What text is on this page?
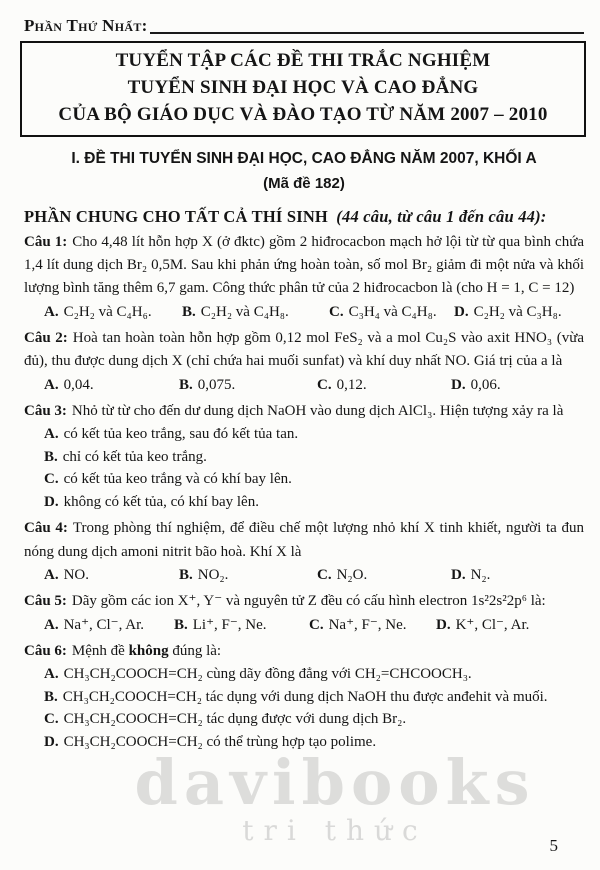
Phần Thứ Nhất:
TUYỂN TẬP CÁC ĐỀ THI TRẮC NGHIỆM
TUYỂN SINH ĐẠI HỌC VÀ CAO ĐẲNG
CỦA BỘ GIÁO DỤC VÀ ĐÀO TẠO TỪ NĂM 2007 – 2010
I. ĐỀ THI TUYỂN SINH ĐẠI HỌC, CAO ĐẲNG NĂM 2007, KHỐI A
(Mã đề 182)
PHẦN CHUNG CHO TẤT CẢ THÍ SINH (44 câu, từ câu 1 đến câu 44):

Câu 1: Cho 4,48 lít hỗn hợp X (ở đktc) gồm 2 hiđrocacbon mạch hở lội từ từ qua bình chứa 1,4 lít dung dịch Br₂ 0,5M. Sau khi phản ứng hoàn toàn, số mol Br₂ giảm đi một nửa và khối lượng bình tăng thêm 6,7 gam. Công thức phân tử của 2 hiđrocacbon là (cho H = 1, C = 12)

A. C₂H₂ và C₄H₆.	B. C₂H₂ và C₄H₈.	C. C₃H₄ và C₄H₈.	D. C₂H₂ và C₃H₈.

Câu 2: Hoà tan hoàn toàn hỗn hợp gồm 0,12 mol FeS₂ và a mol Cu₂S vào axit HNO₃ (vừa đủ), thu được dung dịch X (chỉ chứa hai muối sunfat) và khí duy nhất NO. Giá trị của a là

A. 0,04.	B. 0,075.	C. 0,12.	D. 0,06.

Câu 3: Nhỏ từ từ cho đến dư dung dịch NaOH vào dung dịch AlCl₃. Hiện tượng xảy ra là

A. có kết tủa keo trắng, sau đó kết tủa tan.
B. chỉ có kết tủa keo trắng.
C. có kết tủa keo trắng và có khí bay lên.
D. không có kết tủa, có khí bay lên.

Câu 4: Trong phòng thí nghiệm, để điều chế một lượng nhỏ khí X tinh khiết, người ta đun nóng dung dịch amoni nitrit bão hoà. Khí X là

A. NO.	B. NO₂.	C. N₂O.	D. N₂.

Câu 5: Dãy gồm các ion X⁺, Y⁻ và nguyên tử Z đều có cấu hình electron 1s²2s²2p⁶ là:

A. Na⁺, Cl⁻, Ar.	B. Li⁺, F⁻, Ne.	C. Na⁺, F⁻, Ne.	D. K⁺, Cl⁻, Ar.

Câu 6: Mệnh đề không đúng là:

A. CH₃CH₂COOCH=CH₂ cùng dãy đồng đẳng với CH₂=CHCOOCH₃.
B. CH₃CH₂COOCH=CH₂ tác dụng với dung dịch NaOH thu được anđehit và muối.
C. CH₃CH₂COOCH=CH₂ tác dụng được với dung dịch Br₂.
D. CH₃CH₂COOCH=CH₂ có thể trùng hợp tạo polime.
davibooks
tri thức	5
